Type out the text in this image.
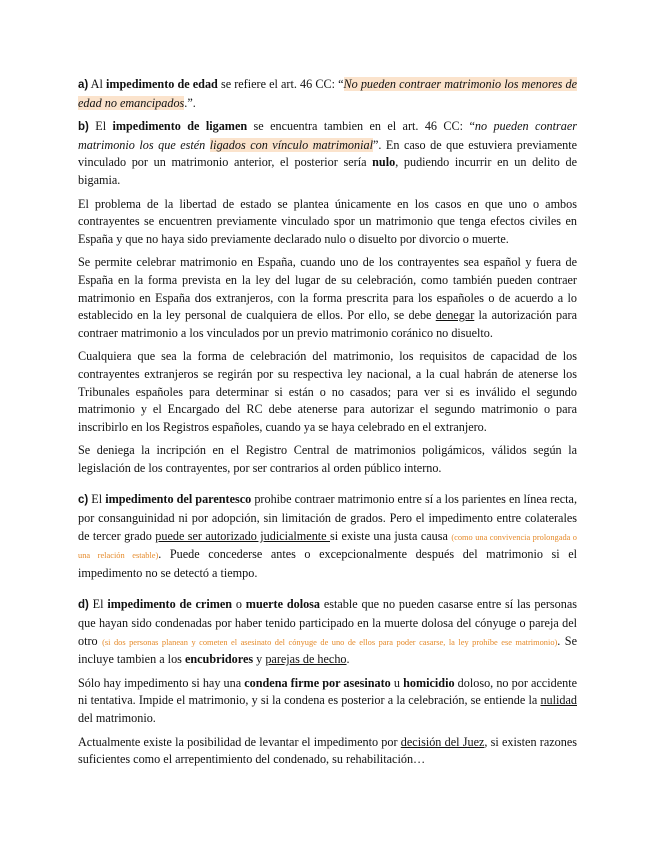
a) Al impedimento de edad se refiere el art. 46 CC: “No pueden contraer matrimonio los menores de edad no emancipados.”.

b) El impedimento de ligamen se encuentra tambien en el art. 46 CC: “no pueden contraer matrimonio los que estén ligados con vínculo matrimonial”. En caso de que estuviera previamente vinculado por un matrimonio anterior, el posterior sería nulo, pudiendo incurrir en un delito de bigamia.

El problema de la libertad de estado se plantea únicamente en los casos en que uno o ambos contrayentes se encuentren previamente vinculado spor un matrimonio que tenga efectos civiles en España y que no haya sido previamente declarado nulo o disuelto por divorcio o muerte.

Se permite celebrar matrimonio en España, cuando uno de los contrayentes sea español y fuera de España en la forma prevista en la ley del lugar de su celebración, como también pueden contraer matrimonio en España dos extranjeros, con la forma prescrita para los españoles o de acuerdo a lo establecido en la ley personal de cualquiera de ellos. Por ello, se debe denegar la autorización para contraer matrimonio a los vinculados por un previo matrimonio coránico no disuelto.

Cualquiera que sea la forma de celebración del matrimonio, los requisitos de capacidad de los contrayentes extranjeros se regirán por su respectiva ley nacional, a la cual habrán de atenerse los Tribunales españoles para determinar si están o no casados; para ver si es inválido el segundo matrimonio y el Encargado del RC debe atenerse para autorizar el segundo matrimonio o para inscribirlo en los Registros españoles, cuando ya se haya celebrado en el extranjero.

Se deniega la incripción en el Registro Central de matrimonios poligámicos, válidos según la legislación de los contrayentes, por ser contrarios al orden público interno.

c) El impedimento del parentesco prohibe contraer matrimonio entre sí a los parientes en línea recta, por consanguinidad ni por adopción, sin limitación de grados. Pero el impedimento entre colaterales de tercer grado puede ser autorizado judicialmente si existe una justa causa (como una convivencia prolongada o una relación estable). Puede concederse antes o excepcionalmente después del matrimonio si el impedimento no se detectó a tiempo.

d) El impedimento de crimen o muerte dolosa estable que no pueden casarse entre sí las personas que hayan sido condenadas por haber tenido participado en la muerte dolosa del cónyuge o pareja del otro (si dos personas planean y cometen el asesinato del cónyuge de uno de ellos para poder casarse, la ley prohíbe ese matrimonio). Se incluye tambien a los encubridores y parejas de hecho.

Sólo hay impedimento si hay una condena firme por asesinato u homicidio doloso, no por accidente ni tentativa. Impide el matrimonio, y si la condena es posterior a la celebración, se entiende la nulidad del matrimonio.

Actualmente existe la posibilidad de levantar el impedimento por decisión del Juez, si existen razones suficientes como el arrepentimiento del condenado, su rehabilitación…
